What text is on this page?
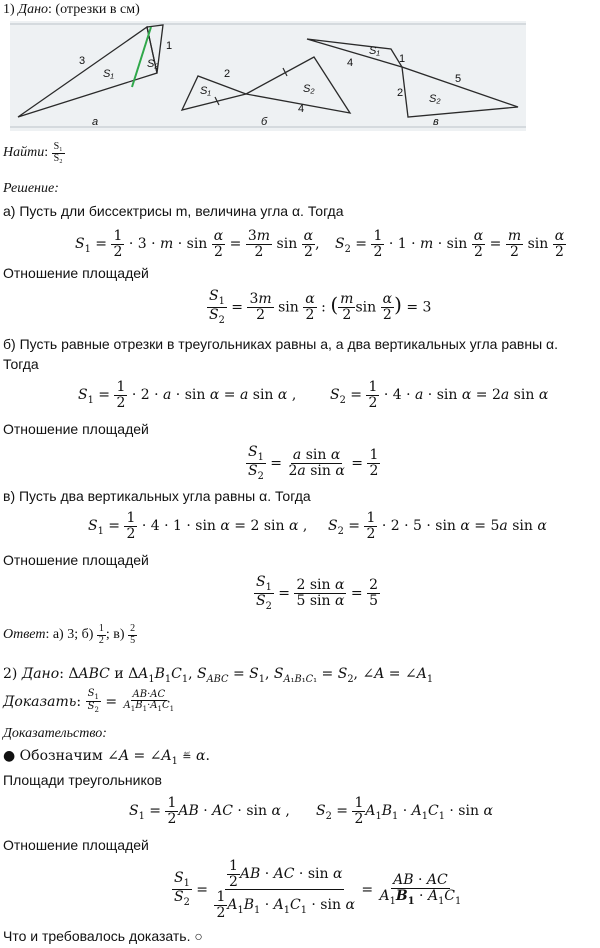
1) Дано: (отрезки в см)
3
1
S₁
S₂
а
2
4
S₁	S₂
б
4	1
2
5
S₁
S₂
в
Найти: $\frac{\text{S₁}}{\text{S₂}}$
Решение:
а) Пусть дли биссектрисы m, величина угла α. Тогда
$S_1 = \frac{1}{2} \cdot 3 \cdot m \cdot \sin \frac{\alpha}{2} = \frac{3m}{2}$ $\sin \frac{\alpha}{2}$ , $S_2 = \frac{1}{2} \cdot 1 \cdot m \cdot \sin \frac{\alpha}{2} = \frac{m}{2}$ $\sin \frac{\alpha}{2}$
Отношение площадей
$\frac{S_1}{S_2} = \frac{3m}{2}$ $\sin \frac{\alpha}{2}$ : ( $\frac{m}{2}$ $\sin \frac{\alpha}{2}$ ) = 3
б) Пусть равные отрезки в треугольниках равны a, а два вертикальных угла равны α.
Тогда
$S_1 = \frac{1}{2} \cdot 2 \cdot a \cdot \sin \alpha = a$ sin α , $S_2 = \frac{1}{2} \cdot 4 \cdot a \cdot \sin \alpha = 2a$ sin α
Отношение площадей
$\frac{S_1}{S_2} = \frac{\text{a sin α}}{\text{2a sin α}} = \frac{1}{2}$
в) Пусть два вертикальных угла равны α. Тогда
$S_1 = \frac{1}{2} \cdot 4 \cdot 1 \cdot \sin \alpha = 2$ sin α , $S_2 = \frac{1}{2} \cdot 2 \cdot 5 \cdot \sin \alpha = 5a$ sin α
Отношение площадей
$\frac{S_1}{S_2} = \frac{\text{2 sin α}}{\text{5 sin α}} = \frac{2}{5}$
Ответ: а) 3; $б) \frac{1}{2}$ ; $в) \frac{2}{5}$
2) Дано: ΔABC и $\Delta A_1B_1C_1$, $S_{ABC} = S_1$, $S_{A_1B_1C_1} = S_2$, ∠A = $\angle A_1$
Доказать: $\frac{S_1}{S_2} = \frac{AB\cdot AC}{A_1B_1\cdot A_1C_1}$
Доказательство:
● Обозначим ∠A = $\angle A_1$ ≝ α.
Площади треугольников
$S_1 = \frac{1}{2}$ AB · AC · sin α , $S_2 = \frac{1}{2} A_1B_1 \cdot A_1C_1 \cdot \sin \alpha$
Отношение площадей
$\frac{S_1}{S_2} = \frac{\frac{1}{2} AB \cdot AC \cdot \sin \alpha}{\frac{1}{2} A_1B_1 \cdot A_1C_1 \cdot \sin \alpha} = \frac{AB \cdot AC}{A_1B_1 \cdot A_1C_1}$
Что и требовалось доказать. ○
